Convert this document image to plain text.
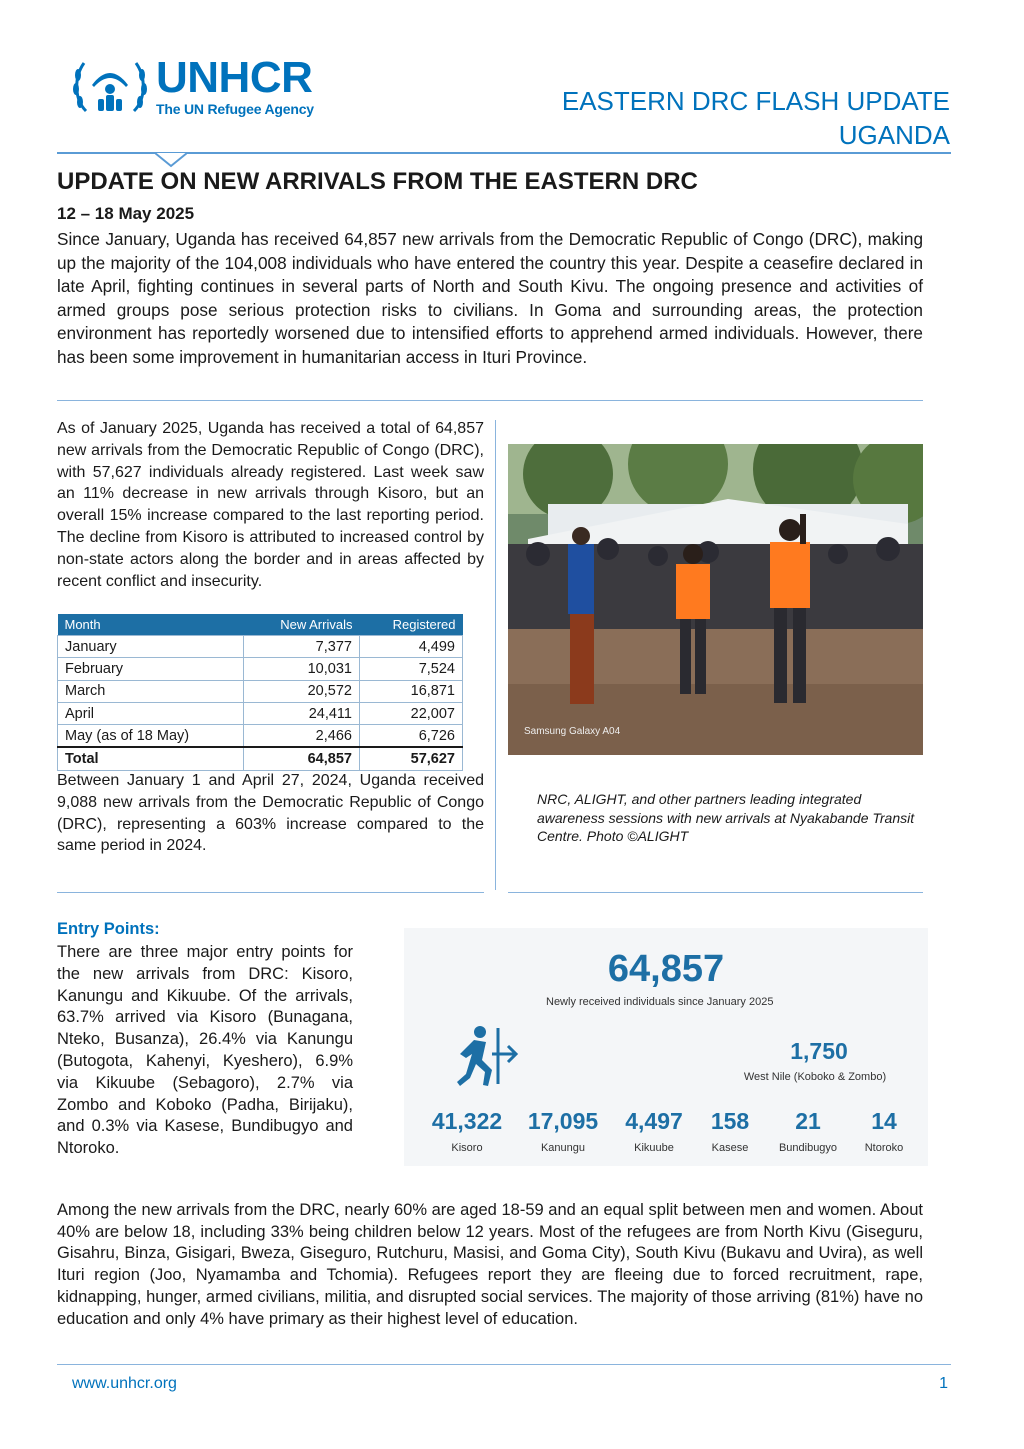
UNHCR
The UN Refugee Agency	EASTERN DRC FLASH UPDATE
UGANDA
UPDATE ON NEW ARRIVALS FROM THE EASTERN DRC
12 – 18 May 2025
Since January, Uganda has received 64,857 new arrivals from the Democratic Republic of Congo (DRC), making up the majority of the 104,008 individuals who have entered the country this year. Despite a ceasefire declared in late April, fighting continues in several parts of North and South Kivu. The ongoing presence and activities of armed groups pose serious protection risks to civilians. In Goma and surrounding areas, the protection environment has reportedly worsened due to intensified efforts to apprehend armed individuals. However, there has been some improvement in humanitarian access in Ituri Province.
As of January 2025, Uganda has received a total of 64,857 new arrivals from the Democratic Republic of Congo (DRC), with 57,627 individuals already registered. Last week saw an 11% decrease in new arrivals through Kisoro, but an overall 15% increase compared to the last reporting period. The decline from Kisoro is attributed to increased control by non-state actors along the border and in areas affected by recent conflict and insecurity.
Month	New Arrivals	Registered
January	7,377	4,499
February	10,031	7,524
March	20,572	16,871
April	24,411	22,007
May (as of 18 May)	2,466	6,726
Total	64,857	57,627
Between January 1 and April 27, 2024, Uganda received 9,088 new arrivals from the Democratic Republic of Congo (DRC), representing a 603% increase compared to the same period in 2024.
Samsung Galaxy A04
NRC, ALIGHT, and other partners leading integrated awareness sessions with new arrivals at Nyakabande Transit Centre. Photo ©ALIGHT
Entry Points:
There are three major entry points for the new arrivals from DRC: Kisoro, Kanungu and Kikuube. Of the arrivals, 63.7% arrived via Kisoro (Bunagana, Nteko, Busanza), 26.4% via Kanungu (Butogota, Kahenyi, Kyeshero), 6.9% via Kikuube (Sebagoro), 2.7% via Zombo and Koboko (Padha, Birijaku), and 0.3% via Kasese, Bundibugyo and Ntoroko.
64,857
Newly received individuals since January 2025
1,750
West Nile (Koboko & Zombo)
41,322
Kisoro
17,095
Kanungu
4,497
Kikuube
158
Kasese
21
Bundibugyo
14
Ntoroko
Among the new arrivals from the DRC, nearly 60% are aged 18-59 and an equal split between men and women. About 40% are below 18, including 33% being children below 12 years. Most of the refugees are from North Kivu (Giseguru, Gisahru, Binza, Gisigari, Bweza, Giseguro, Rutchuru, Masisi, and Goma City), South Kivu (Bukavu and Uvira), as well Ituri region (Joo, Nyamamba and Tchomia). Refugees report they are fleeing due to forced recruitment, rape, kidnapping, hunger, armed civilians, militia, and disrupted social services. The majority of those arriving (81%) have no education and only 4% have primary as their highest level of education.
www.unhcr.org	1
